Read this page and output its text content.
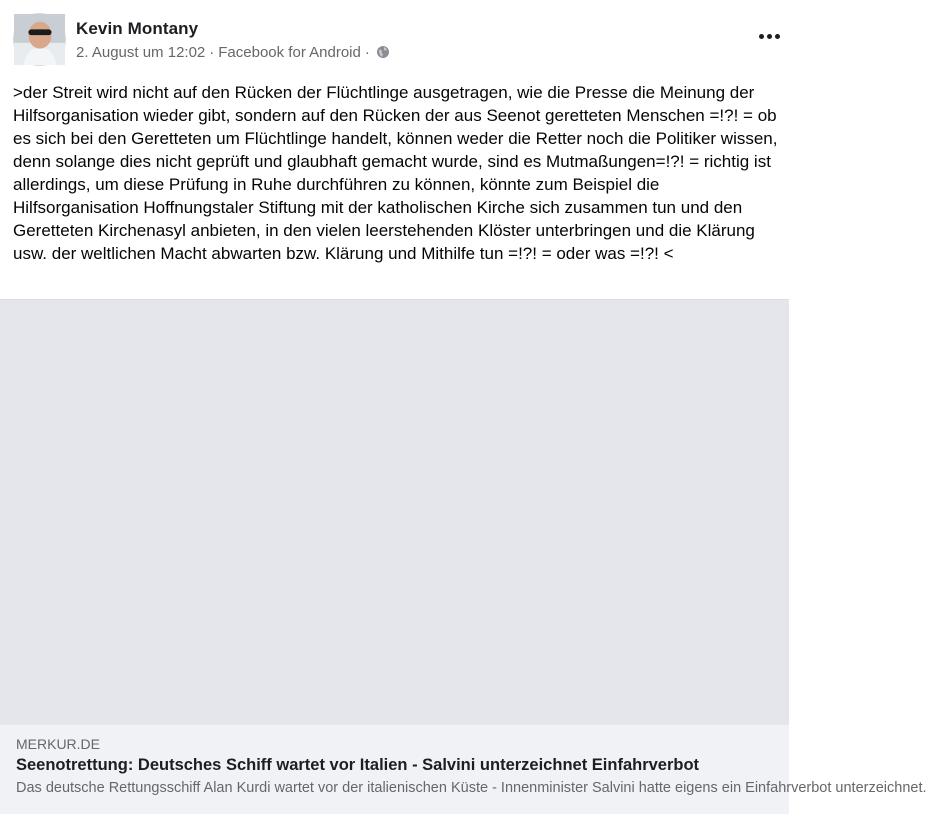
Kevin Montany
2. August um 12:02 · Facebook for Android ·
>der Streit wird nicht auf den Rücken der Flüchtlinge ausgetragen, wie die Presse die Meinung der Hilfsorganisation wieder gibt, sondern auf den Rücken der aus Seenot geretteten Menschen =!?! = ob es sich bei den Geretteten um Flüchtlinge handelt, können weder die Retter noch die Politiker wissen, denn solange dies nicht geprüft und glaubhaft gemacht wurde, sind es Mutmaßungen=!?! = richtig ist allerdings, um diese Prüfung in Ruhe durchführen zu können, könnte zum Beispiel die Hilfsorganisation Hoffnungstaler Stiftung mit der katholischen Kirche sich zusammen tun und den Geretteten Kirchenasyl anbieten, in den vielen leerstehenden Klöster unterbringen und die Klärung usw. der weltlichen Macht abwarten bzw. Klärung und Mithilfe tun =!?! = oder was =!?! <
MERKUR.DE
Seenotrettung: Deutsches Schiff wartet vor Italien - Salvini unterzeichnet Einfahrverbot
Das deutsche Rettungsschiff Alan Kurdi wartet vor der italienischen Küste - Innenminister Salvini hatte eigens ein Einfahrverbot unterzeichnet.
